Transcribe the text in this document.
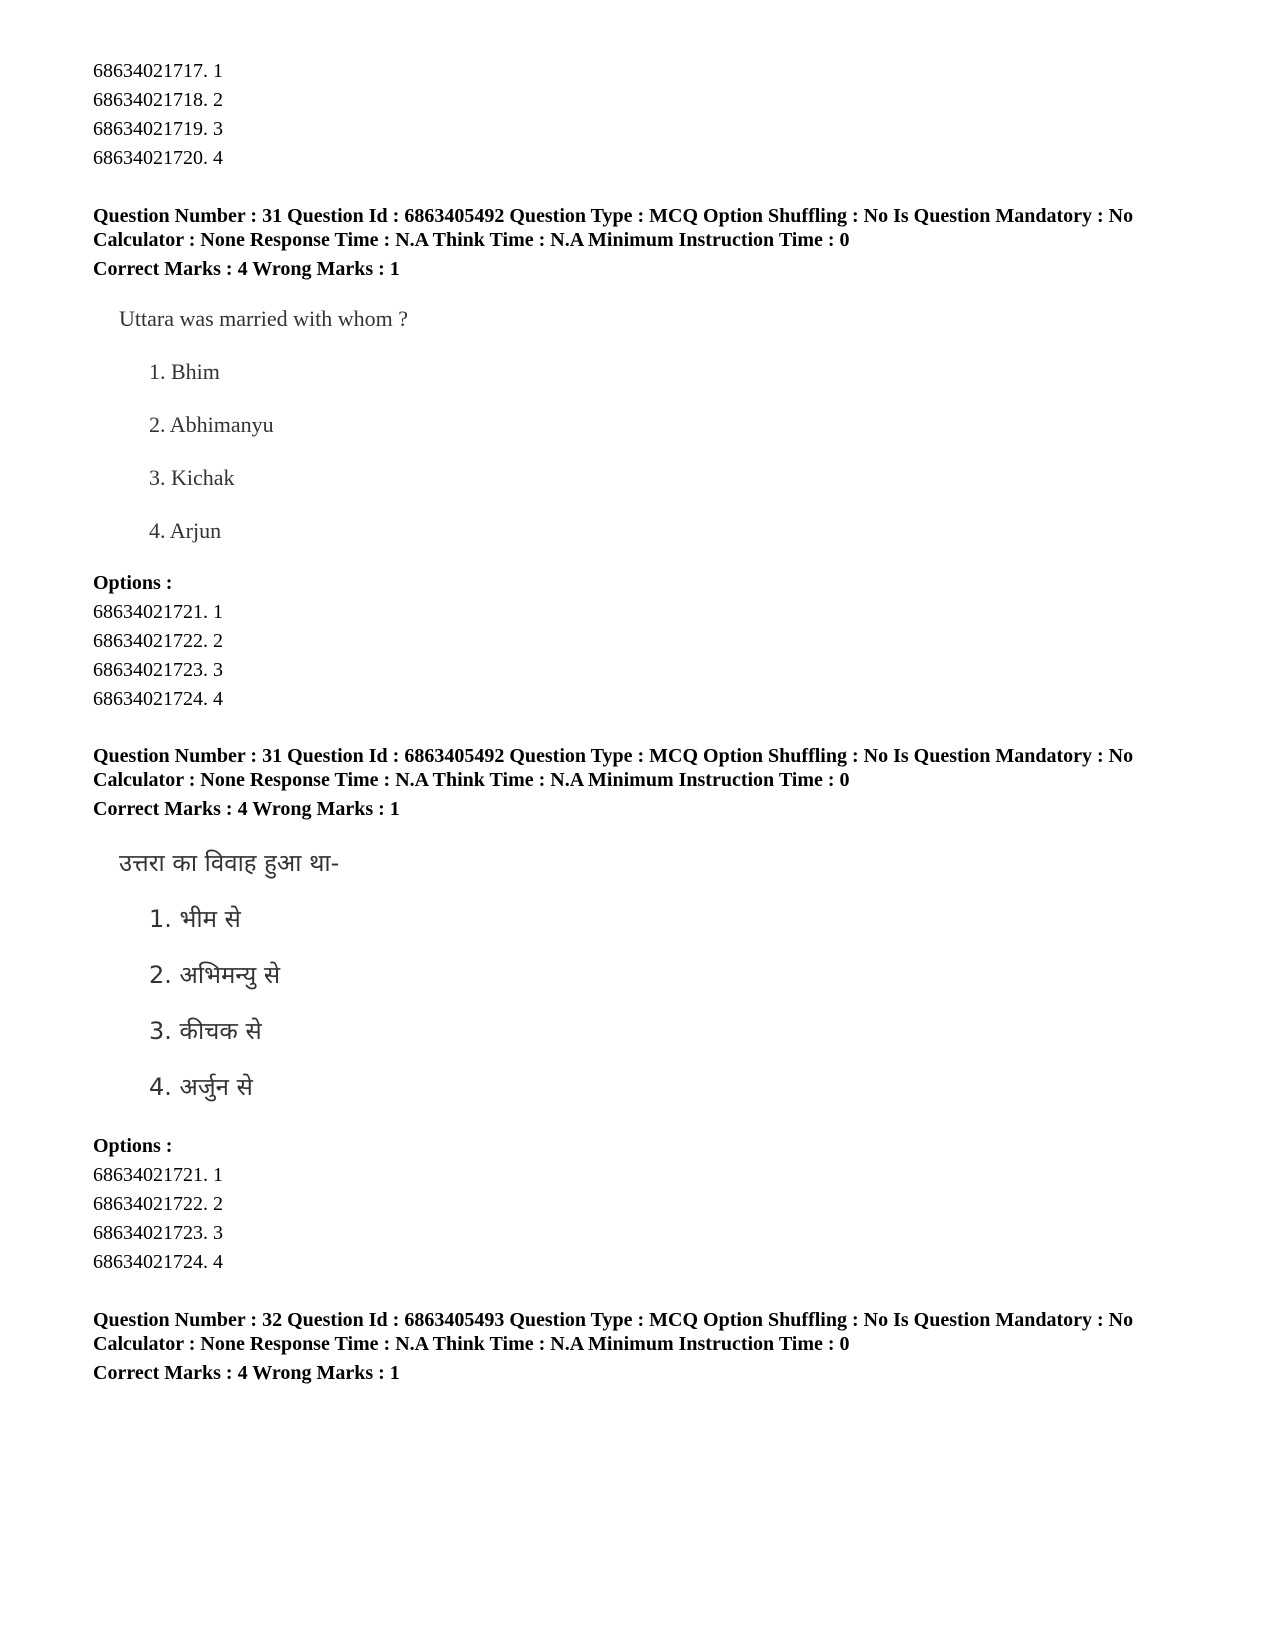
68634021717. 1
68634021718. 2
68634021719. 3
68634021720. 4
Question Number : 31 Question Id : 6863405492 Question Type : MCQ Option Shuffling : No Is Question Mandatory : No Calculator : None Response Time : N.A Think Time : N.A Minimum Instruction Time : 0
Correct Marks : 4 Wrong Marks : 1
Uttara was married with whom ?
1. Bhim
2. Abhimanyu
3. Kichak
4. Arjun
Options :
68634021721. 1
68634021722. 2
68634021723. 3
68634021724. 4
Question Number : 31 Question Id : 6863405492 Question Type : MCQ Option Shuffling : No Is Question Mandatory : No Calculator : None Response Time : N.A Think Time : N.A Minimum Instruction Time : 0
Correct Marks : 4 Wrong Marks : 1
उत्तरा का विवाह हुआ था-
1. भीम से
2. अभिमन्यु से
3. कीचक से
4. अर्जुन से
Options :
68634021721. 1
68634021722. 2
68634021723. 3
68634021724. 4
Question Number : 32 Question Id : 6863405493 Question Type : MCQ Option Shuffling : No Is Question Mandatory : No Calculator : None Response Time : N.A Think Time : N.A Minimum Instruction Time : 0
Correct Marks : 4 Wrong Marks : 1
